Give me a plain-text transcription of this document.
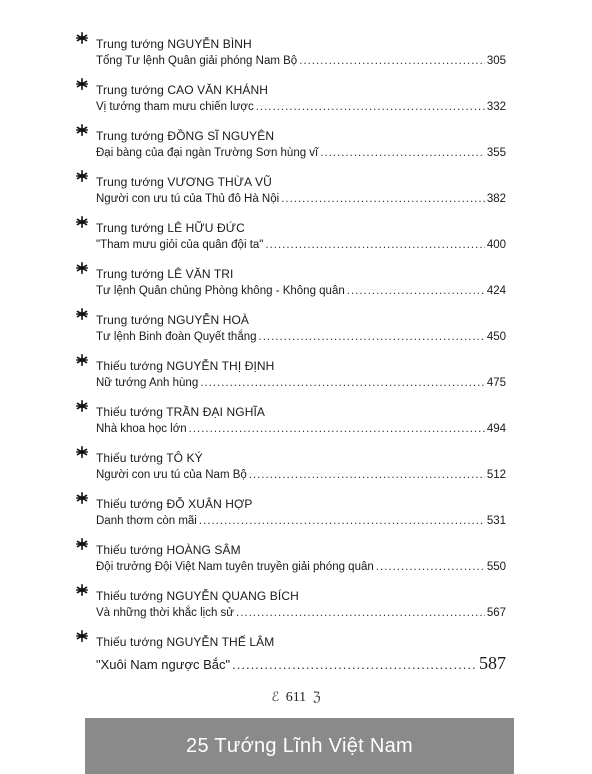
Trung tướng NGUYỄN BÌNH
Tổng Tư lệnh Quân giải phóng Nam Bộ .....	305
Trung tướng CAO VĂN KHÁNH
Vị tướng tham mưu chiến lược .....	332
Trung tướng ĐỒNG SĨ NGUYÊN
Đại bàng của đại ngàn Trường Sơn hùng vĩ .....	355
Trung tướng VƯƠNG THỪA VŨ
Người con ưu tú của Thủ đô Hà Nội .....	382
Trung tướng LÊ HỮU ĐỨC
"Tham mưu giỏi của quân đội ta" .....	400
Trung tướng LÊ VĂN TRI
Tư lệnh Quân chủng Phòng không - Không quân .....	424
Trung tướng NGUYỄN HOÀ
Tư lệnh Binh đoàn Quyết thắng .....	450
Thiếu tướng NGUYỄN THỊ ĐỊNH
Nữ tướng Anh hùng .....	475
Thiếu tướng TRẦN ĐẠI NGHĨA
Nhà khoa học lớn .....	494
Thiếu tướng TÔ KÝ
Người con ưu tú của Nam Bộ .....	512
Thiếu tướng ĐỖ XUÂN HỢP
Danh thơm còn mãi .....	531
Thiếu tướng HOÀNG SÂM
Đội trưởng Đội Việt Nam tuyên truyền giải phóng quân .....	550
Thiếu tướng NGUYỄN QUANG BÍCH
Và những thời khắc lịch sử .....	567
Thiếu tướng NGUYỄN THẾ LÂM
"Xuôi Nam ngược Bắc" .....	587
ℰ 611 ℨ
25 Tướng Lĩnh Việt Nam
